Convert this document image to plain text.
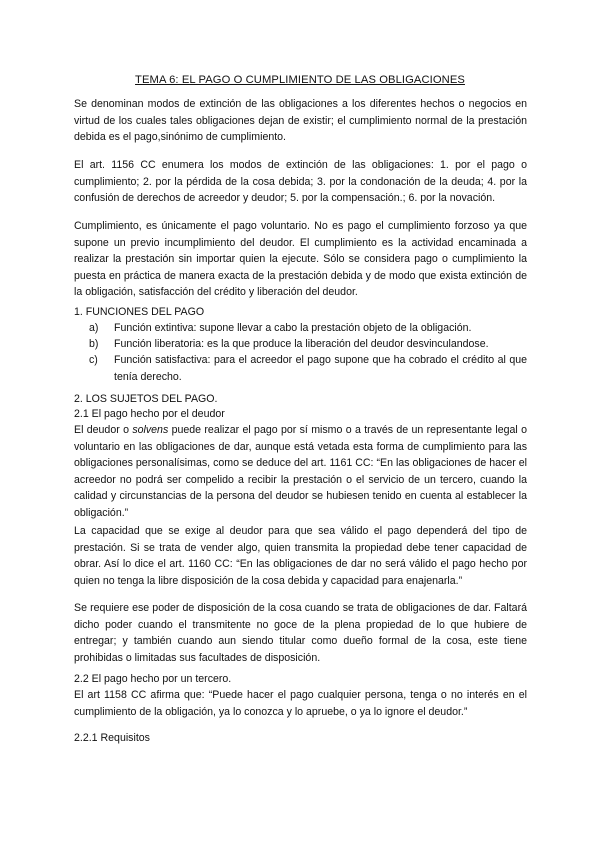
TEMA 6: EL PAGO O CUMPLIMIENTO DE LAS OBLIGACIONES

Se denominan modos de extinción de las obligaciones a los diferentes hechos o negocios en virtud de los cuales tales obligaciones dejan de existir; el cumplimiento normal de la prestación debida es el pago,sinónimo de cumplimiento.

El art. 1156 CC enumera los modos de extinción de las obligaciones: 1. por el pago o cumplimiento; 2. por la pérdida de la cosa debida; 3. por la condonación de la deuda; 4. por la confusión de derechos de acreedor y deudor; 5. por la compensación.; 6. por la novación.

Cumplimiento, es únicamente el pago voluntario. No es pago el cumplimiento forzoso ya que supone un previo incumplimiento del deudor. El cumplimiento es la actividad encaminada a realizar la prestación sin importar quien la ejecute. Sólo se considera pago o cumplimiento la puesta en práctica de manera exacta de la prestación debida y de modo que exista extinción de la obligación, satisfacción del crédito y liberación del deudor.

1. FUNCIONES DEL PAGO
a)	Función extintiva: supone llevar a cabo la prestación objeto de la obligación.

b)	Función liberatoria: es la que produce la liberación del deudor desvinculandose.

c)	Función satisfactiva: para el acreedor el pago supone que ha cobrado el crédito al que tenía derecho.

2. LOS SUJETOS DEL PAGO.
2.1 El pago hecho por el deudor

El deudor o solvens puede realizar el pago por sí mismo o a través de un representante legal o voluntario en las obligaciones de dar, aunque está vetada esta forma de cumplimiento para las obligaciones personalísimas, como se deduce del art. 1161 CC: “En las obligaciones de hacer el acreedor no podrá ser compelido a recibir la prestación o el servicio de un tercero, cuando la calidad y circunstancias de la persona del deudor se hubiesen tenido en cuenta al establecer la obligación.”

La capacidad que se exige al deudor para que sea válido el pago dependerá del tipo de prestación. Si se trata de vender algo, quien transmita la propiedad debe tener capacidad de obrar. Así lo dice el art. 1160 CC: “En las obligaciones de dar no será válido el pago hecho por quien no tenga la libre disposición de la cosa debida y capacidad para enajenarla.”

Se requiere ese poder de disposición de la cosa cuando se trata de obligaciones de dar. Faltará dicho poder cuando el transmitente no goce de la plena propiedad de lo que hubiere de entregar; y también cuando aun siendo titular como dueño formal de la cosa, este tiene prohibidas o limitadas sus facultades de disposición.

2.2 El pago hecho por un tercero.

El art 1158 CC afirma que: “Puede hacer el pago cualquier persona, tenga o no interés en el cumplimiento de la obligación, ya lo conozca y lo apruebe, o ya lo ignore el deudor.”

2.2.1 Requisitos
